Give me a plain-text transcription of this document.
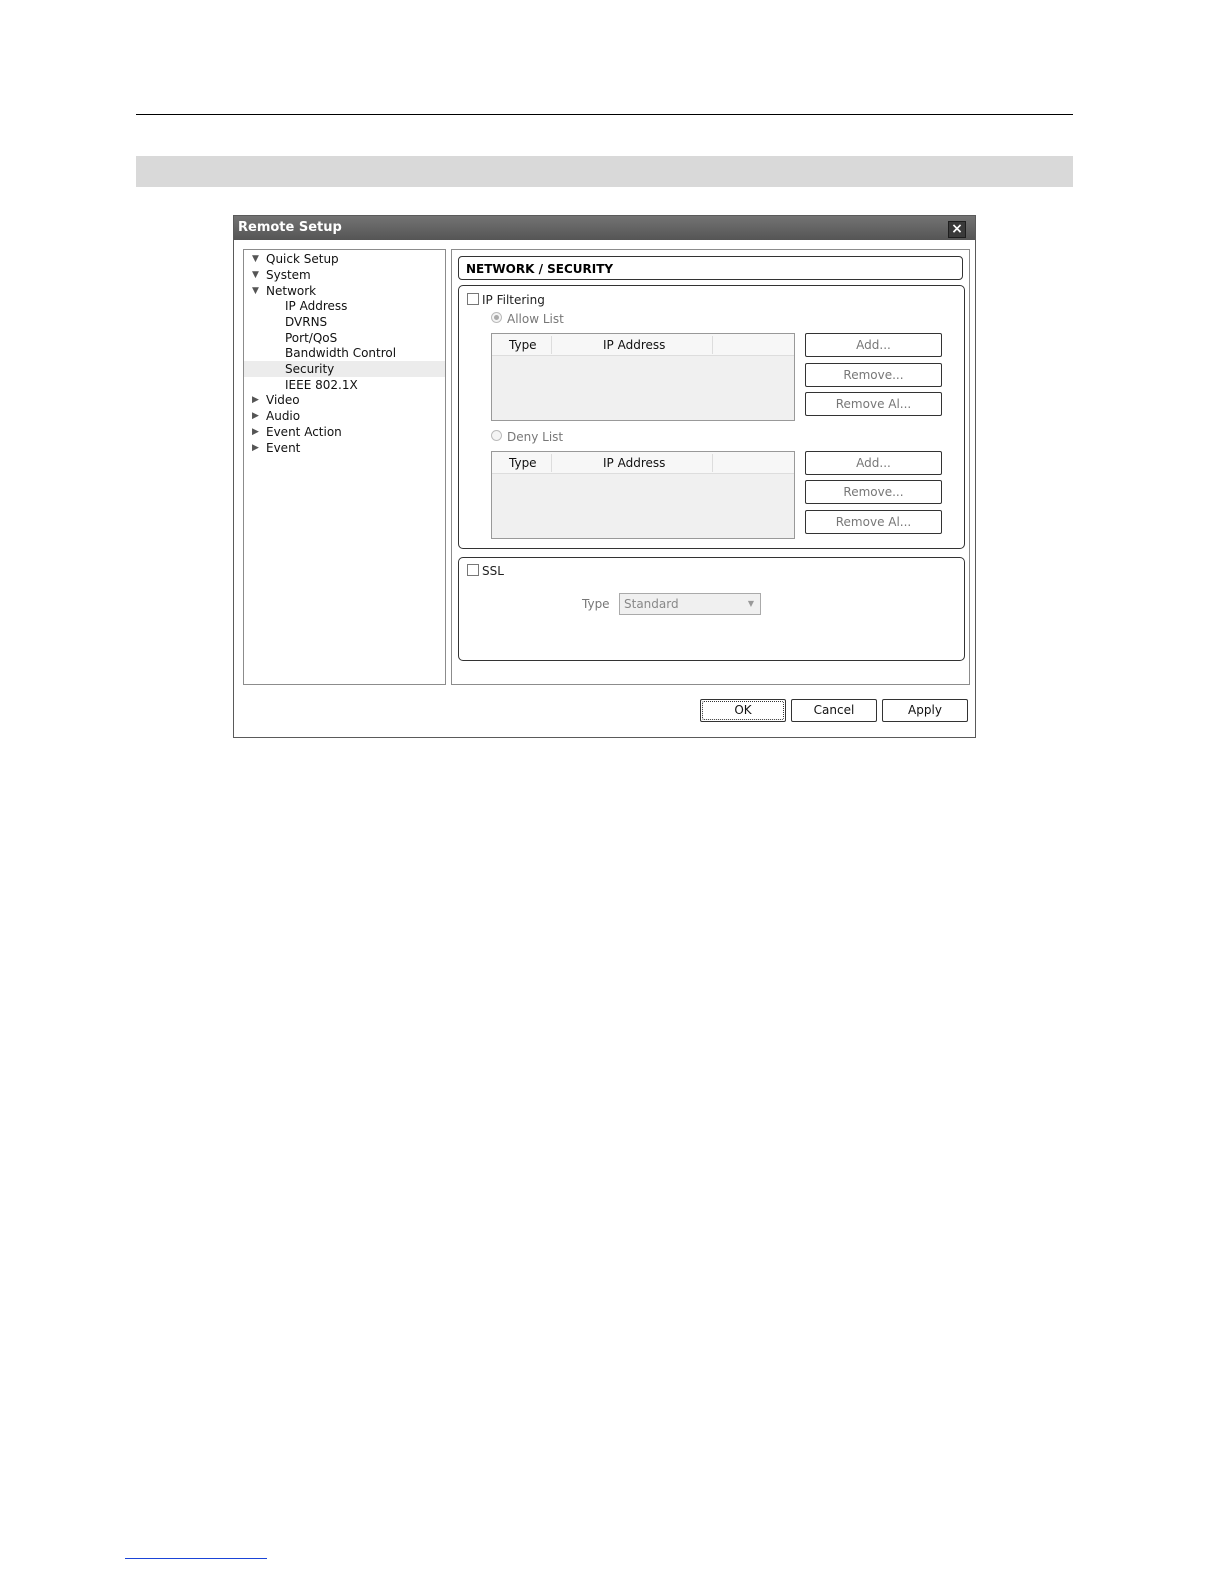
Remote Setup	×
▼ Quick Setup
▼ System
▼ Network
IP Address
DVRNS
Port/QoS
Bandwidth Control
Security
IEEE 802.1X
▶ Video
▶ Audio
▶ Event Action
▶ Event
NETWORK / SECURITY
IP Filtering
Allow List
Type	IP Address	Add...
Remove...
Remove Al...
Deny List
Type	IP Address	Add...
Remove...
Remove Al...
SSL
Type	Standard	▼
OK	Cancel	Apply
